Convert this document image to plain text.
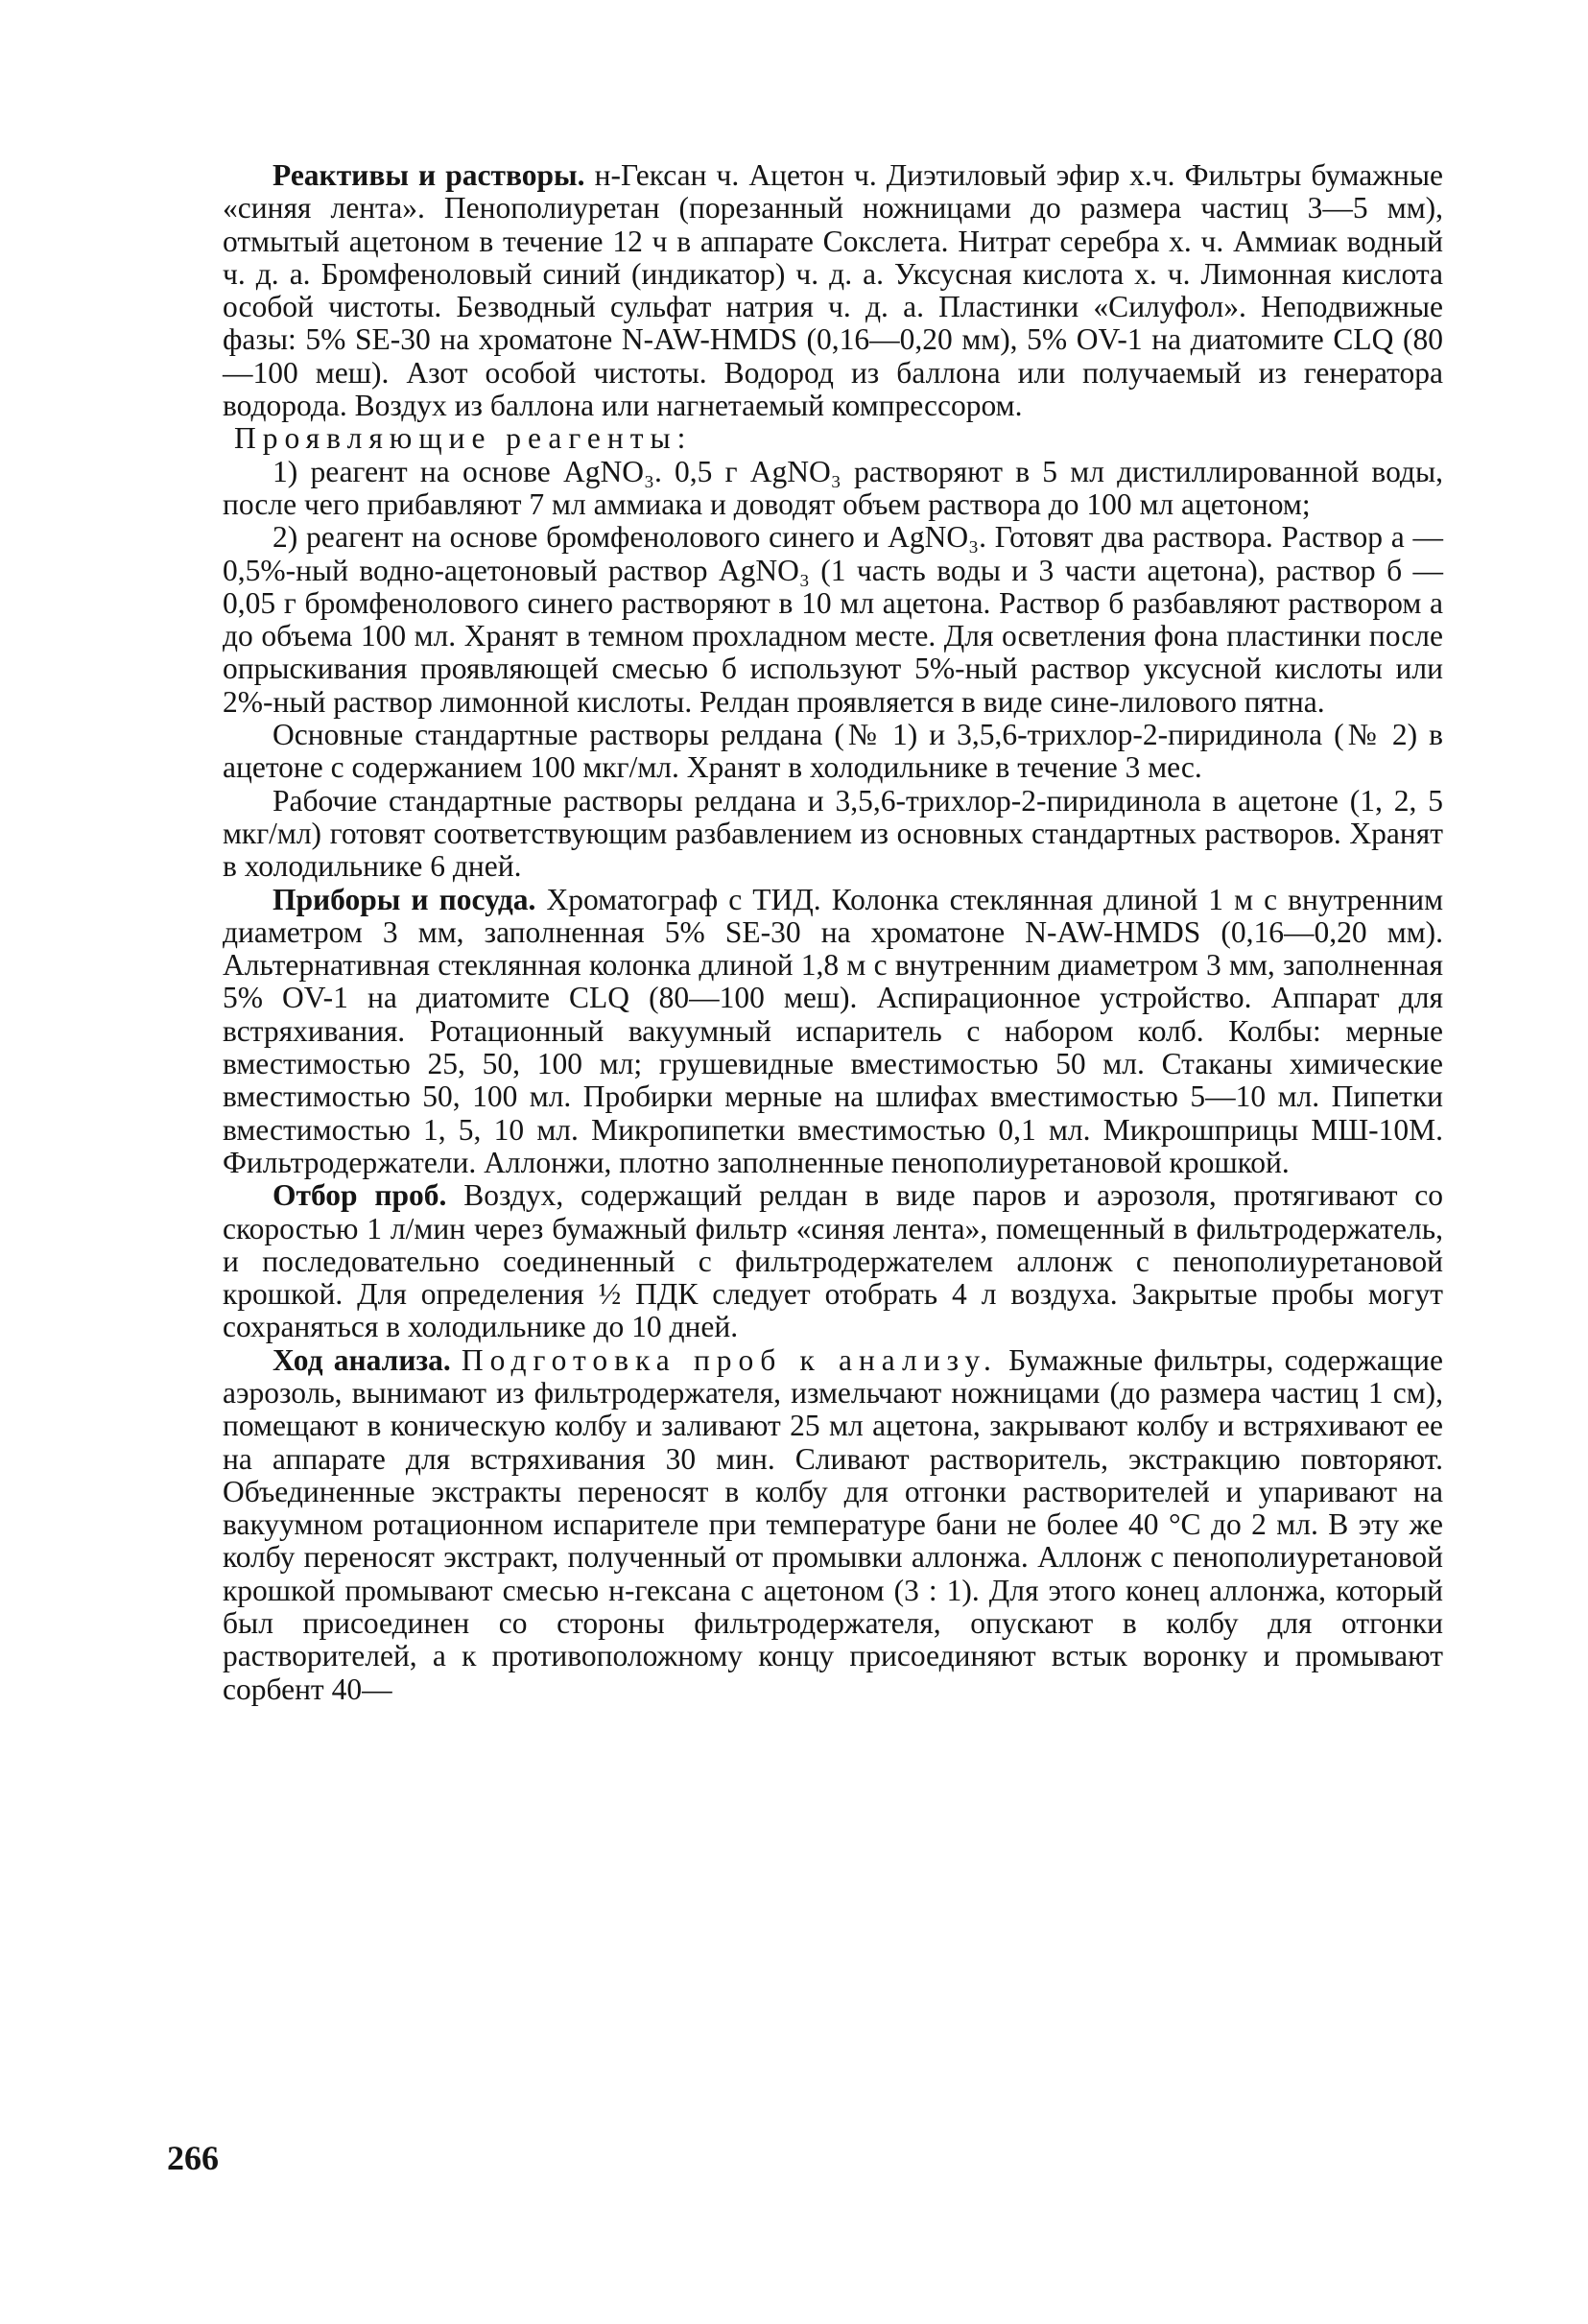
Реактивы и растворы. н-Гексан ч. Ацетон ч. Диэтиловый эфир х.ч. Фильтры бумажные «синяя лента». Пенополиуретан (порезанный ножницами до размера частиц 3—5 мм), отмытый ацетоном в течение 12 ч в аппарате Сокслета. Нитрат серебра х. ч. Аммиак водный ч. д. а. Бромфеноловый синий (индикатор) ч. д. а. Уксусная кислота х. ч. Лимонная кислота особой чистоты. Безводный сульфат натрия ч. д. а. Пластинки «Силуфол». Неподвижные фазы: 5% SE-30 на хроматоне N-AW-HMDS (0,16—0,20 мм), 5% OV-1 на диатомите CLQ (80—100 меш). Азот особой чистоты. Водород из баллона или получаемый из генератора водорода. Воздух из баллона или нагнетаемый компрессором.

Проявляющие реагенты:

1) реагент на основе AgNO₃. 0,5 г AgNO₃ растворяют в 5 мл дистиллированной воды, после чего прибавляют 7 мл аммиака и доводят объем раствора до 100 мл ацетоном;

2) реагент на основе бромфенолового синего и AgNO₃. Готовят два раствора. Раствор а — 0,5%-ный водно-ацетоновый раствор AgNO₃ (1 часть воды и 3 части ацетона), раствор б — 0,05 г бромфенолового синего растворяют в 10 мл ацетона. Раствор б разбавляют раствором а до объема 100 мл. Хранят в темном прохладном месте. Для осветления фона пластинки после опрыскивания проявляющей смесью б используют 5%-ный раствор уксусной кислоты или 2%-ный раствор лимонной кислоты. Релдан проявляется в виде сине-лилового пятна.

Основные стандартные растворы релдана (№ 1) и 3,5,6-трихлор-2-пиридинола (№ 2) в ацетоне с содержанием 100 мкг/мл. Хранят в холодильнике в течение 3 мес.

Рабочие стандартные растворы релдана и 3,5,6-трихлор-2-пиридинола в ацетоне (1, 2, 5 мкг/мл) готовят соответствующим разбавлением из основных стандартных растворов. Хранят в холодильнике 6 дней.

Приборы и посуда. Хроматограф с ТИД. Колонка стеклянная длиной 1 м с внутренним диаметром 3 мм, заполненная 5% SE-30 на хроматоне N-AW-HMDS (0,16—0,20 мм). Альтернативная стеклянная колонка длиной 1,8 м с внутренним диаметром 3 мм, заполненная 5% OV-1 на диатомите CLQ (80—100 меш). Аспирационное устройство. Аппарат для встряхивания. Ротационный вакуумный испаритель с набором колб. Колбы: мерные вместимостью 25, 50, 100 мл; грушевидные вместимостью 50 мл. Стаканы химические вместимостью 50, 100 мл. Пробирки мерные на шлифах вместимостью 5—10 мл. Пипетки вместимостью 1, 5, 10 мл. Микропипетки вместимостью 0,1 мл. Микрошприцы МШ-10М. Фильтродержатели. Аллонжи, плотно заполненные пенополиуретановой крошкой.

Отбор проб. Воздух, содержащий релдан в виде паров и аэрозоля, протягивают со скоростью 1 л/мин через бумажный фильтр «синяя лента», помещенный в фильтродержатель, и последовательно соединенный с фильтродержателем аллонж с пенополиуретановой крошкой. Для определения ½ ПДК следует отобрать 4 л воздуха. Закрытые пробы могут сохраняться в холодильнике до 10 дней.

Ход анализа. Подготовка проб к анализу. Бумажные фильтры, содержащие аэрозоль, вынимают из фильтродержателя, измельчают ножницами (до размера частиц 1 см), помещают в коническую колбу и заливают 25 мл ацетона, закрывают колбу и встряхивают ее на аппарате для встряхивания 30 мин. Сливают растворитель, экстракцию повторяют. Объединенные экстракты переносят в колбу для отгонки растворителей и упаривают на вакуумном ротационном испарителе при температуре бани не более 40 °С до 2 мл. В эту же колбу переносят экстракт, полученный от промывки аллонжа. Аллонж с пенополиуретановой крошкой промывают смесью н-гексана с ацетоном (3 : 1). Для этого конец аллонжа, который был присоединен со стороны фильтродержателя, опускают в колбу для отгонки растворителей, а к противоположному концу присоединяют встык воронку и промывают сорбент 40—

266
